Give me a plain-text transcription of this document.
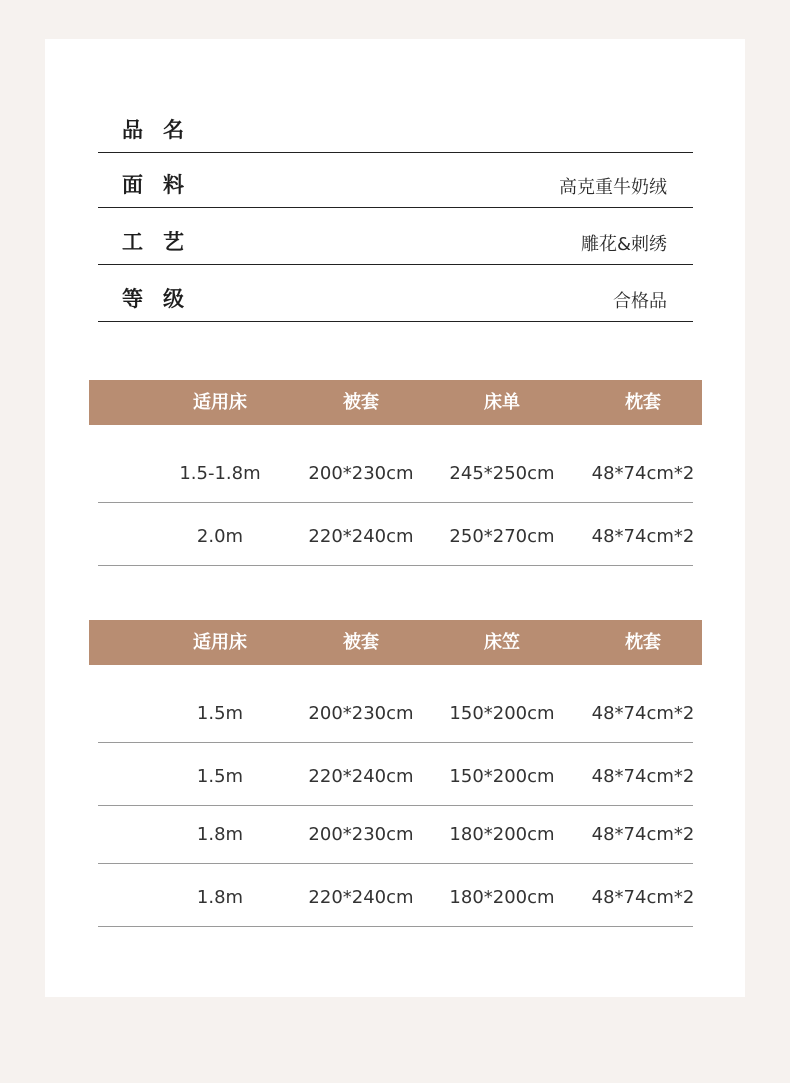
品名
面料	高克重牛奶绒
工艺	雕花&刺绣
等级	合格品
适用床	被套	床单	枕套
1.5-1.8m	200*230cm	245*250cm	48*74cm*2
2.0m	220*240cm	250*270cm	48*74cm*2
适用床	被套	床笠	枕套
1.5m	200*230cm	150*200cm	48*74cm*2
1.5m	220*240cm	150*200cm	48*74cm*2
1.8m	200*230cm	180*200cm	48*74cm*2
1.8m	220*240cm	180*200cm	48*74cm*2
